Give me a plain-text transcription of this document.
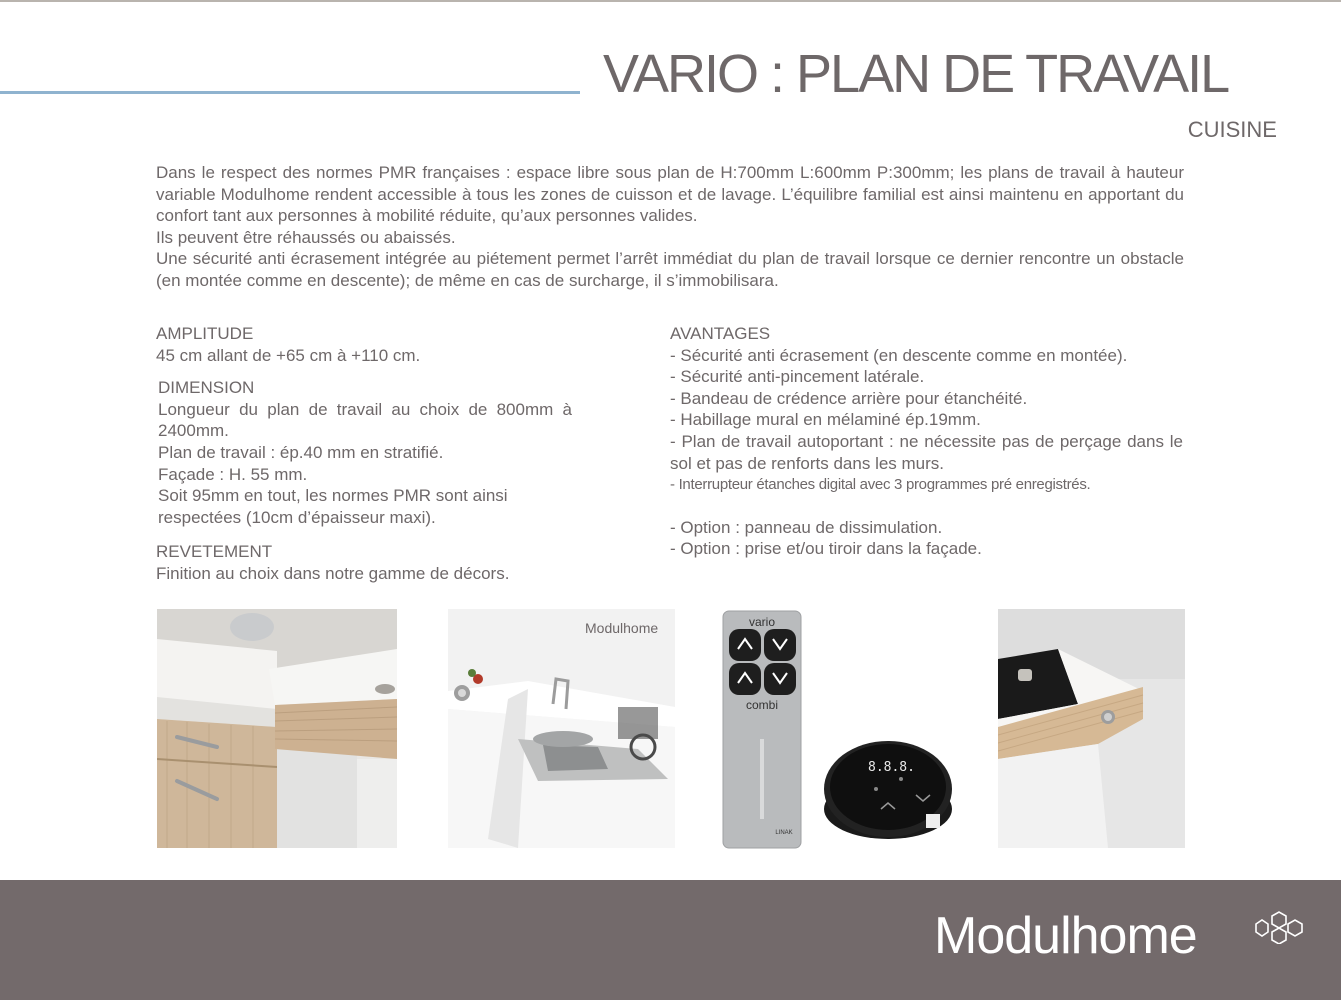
VARIO : PLAN DE TRAVAIL
CUISINE

Dans le respect des normes PMR françaises : espace libre sous plan de H:700mm L:600mm P:300mm; les plans de travail à hauteur variable Modulhome rendent accessible à tous les zones de cuisson et de lavage. L’équilibre familial est ainsi maintenu en apportant du confort tant aux personnes à mobilité réduite, qu’aux personnes valides.

Ils peuvent être réhaussés ou abaissés.

Une sécurité anti écrasement intégrée au piétement permet l’arrêt immédiat du plan de travail lorsque ce dernier rencontre un obstacle (en montée comme en descente); de même en cas de surcharge, il s’immobilisara.

AMPLITUDE

45 cm allant de +65 cm à +110 cm.

DIMENSION

Longueur du plan de travail au choix de 800mm à 2400mm.

Plan de travail : ép.40 mm en stratifié.

Façade : H. 55 mm.

Soit 95mm en tout, les normes PMR sont ainsi respectées (10cm d’épaisseur maxi).

REVETEMENT

Finition au choix dans notre gamme de décors.

AVANTAGES
- Sécurité anti écrasement (en descente comme en montée).
- Sécurité anti-pincement latérale.
- Bandeau de crédence arrière pour étanchéité.
- Habillage mural en mélaminé ép.19mm.
- Plan de travail autoportant : ne nécessite pas de perçage dans le sol et pas de renforts dans les murs.
- Interrupteur étanches digital avec 3 programmes pré enregistrés.
- Option : panneau de dissimulation.
- Option : prise et/ou tiroir dans la façade.
Modulhome	vario
combi
LINAK
8.8.8.
Modulhome
